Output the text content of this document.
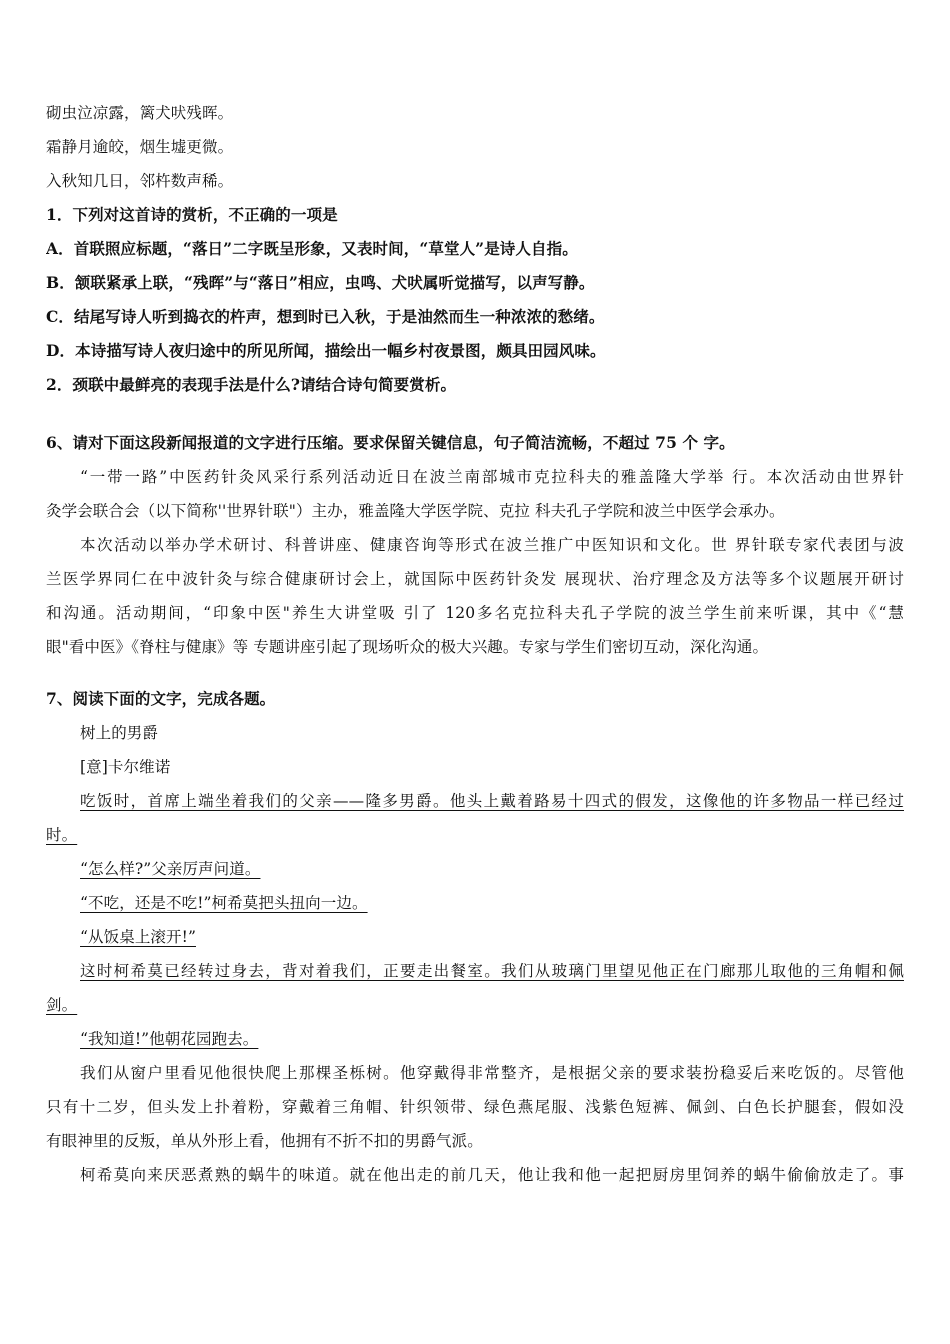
砌虫泣凉露，篱犬吠残晖。
霜静月逾皎，烟生墟更微。
入秋知几日，邻杵数声稀。
1．下列对这首诗的赏析，不正确的一项是
A．首联照应标题，“落日”二字既呈形象，又表时间，“草堂人”是诗人自指。
B．颔联紧承上联，“残晖”与“落日”相应，虫鸣、犬吠属听觉描写，以声写静。
C．结尾写诗人听到捣衣的杵声，想到时已入秋，于是油然而生一种浓浓的愁绪。
D．本诗描写诗人夜归途中的所见所闻，描绘出一幅乡村夜景图，颇具田园风味。
2．颈联中最鲜亮的表现手法是什么?请结合诗句简要赏析。
6、请对下面这段新闻报道的文字进行压缩。要求保留关键信息，句子简洁流畅，不超过 75 个 字。
“一带一路”中医药针灸风采行系列活动近日在波兰南部城市克拉科夫的雅盖隆大学举 行。本次活动由世界针
灸学会联合会（以下简称''世界针联"）主办，雅盖隆大学医学院、克拉 科夫孔子学院和波兰中医学会承办。
本次活动以举办学术研讨、科普讲座、健康咨询等形式在波兰推广中医知识和文化。世 界针联专家代表团与波
兰医学界同仁在中波针灸与综合健康研讨会上，就国际中医药针灸发 展现状、治疗理念及方法等多个议题展开研讨
和沟通。活动期间，“印象中医"养生大讲堂吸 引了 120多名克拉科夫孔子学院的波兰学生前来听课，其中《“慧
眼"看中医》《脊柱与健康》等 专题讲座引起了现场听众的极大兴趣。专家与学生们密切互动，深化沟通。
7、阅读下面的文字，完成各题。
树上的男爵
[意]卡尔维诺
吃饭时，首席上端坐着我们的父亲——隆多男爵。他头上戴着路易十四式的假发，这像他的许多物品一样已经过
时。
“怎么样?”父亲厉声问道。
“不吃，还是不吃!”柯希莫把头扭向一边。
“从饭桌上滚开!”
这时柯希莫已经转过身去，背对着我们，正要走出餐室。我们从玻璃门里望见他正在门廊那儿取他的三角帽和佩
剑。
“我知道!”他朝花园跑去。
我们从窗户里看见他很快爬上那棵圣栎树。他穿戴得非常整齐，是根据父亲的要求装扮稳妥后来吃饭的。尽管他
只有十二岁，但头发上扑着粉，穿戴着三角帽、针织领带、绿色燕尾服、浅紫色短裤、佩剑、白色长护腿套，假如没
有眼神里的反叛，单从外形上看，他拥有不折不扣的男爵气派。
柯希莫向来厌恶煮熟的蜗牛的味道。就在他出走的前几天，他让我和他一起把厨房里饲养的蜗牛偷偷放走了。事
